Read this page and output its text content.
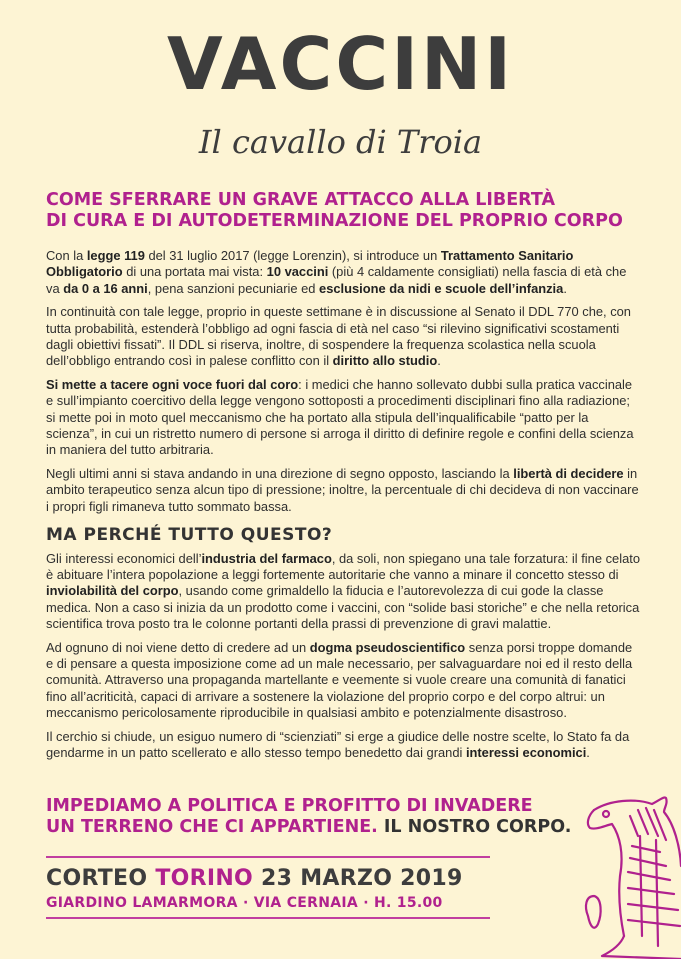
VACCINI
Il cavallo di Troia
COME SFERRARE UN GRAVE ATTACCO ALLA LIBERTÀ
DI CURA E DI AUTODETERMINAZIONE DEL PROPRIO CORPO

Con la legge 119 del 31 luglio 2017 (legge Lorenzin), si introduce un Trattamento Sanitario Obbligatorio di una portata mai vista: 10 vaccini (più 4 caldamente consigliati) nella fascia di età che va da 0 a 16 anni, pena sanzioni pecuniarie ed esclusione da nidi e scuole dell’infanzia.

In continuità con tale legge, proprio in queste settimane è in discussione al Senato il DDL 770 che, con tutta probabilità, estenderà l’obbligo ad ogni fascia di età nel caso “si rilevino significativi scostamenti dagli obiettivi fissati”. Il DDL si riserva, inoltre, di sospendere la frequenza scolastica nella scuola dell’obbligo entrando così in palese conflitto con il diritto allo studio.

Si mette a tacere ogni voce fuori dal coro: i medici che hanno sollevato dubbi sulla pratica vaccinale e sull’impianto coercitivo della legge vengono sottoposti a procedimenti disciplinari fino alla radiazione; si mette poi in moto quel meccanismo che ha portato alla stipula dell’inqualificabile “patto per la scienza”, in cui un ristretto numero di persone si arroga il diritto di definire regole e confini della scienza in maniera del tutto arbitraria.

Negli ultimi anni si stava andando in una direzione di segno opposto, lasciando la libertà di decidere in ambito terapeutico senza alcun tipo di pressione; inoltre, la percentuale di chi decideva di non vaccinare i propri figli rimaneva tutto sommato bassa.

MA PERCHÉ TUTTO QUESTO?

Gli interessi economici dell’industria del farmaco, da soli, non spiegano una tale forzatura: il fine celato è abituare l’intera popolazione a leggi fortemente autoritarie che vanno a minare il concetto stesso di inviolabilità del corpo, usando come grimaldello la fiducia e l’autorevolezza di cui gode la classe medica. Non a caso si inizia da un prodotto come i vaccini, con “solide basi storiche” e che nella retorica scientifica trova posto tra le colonne portanti della prassi di prevenzione di gravi malattie.

Ad ognuno di noi viene detto di credere ad un dogma pseudoscientifico senza porsi troppe domande e di pensare a questa imposizione come ad un male necessario, per salvaguardare noi ed il resto della comunità. Attraverso una propaganda martellante e veemente si vuole creare una comunità di fanatici fino all’acriticità, capaci di arrivare a sostenere la violazione del proprio corpo e del corpo altrui: un meccanismo pericolosamente riproducibile in qualsiasi ambito e potenzialmente disastroso.

Il cerchio si chiude, un esiguo numero di “scienziati” si erge a giudice delle nostre scelte, lo Stato fa da gendarme in un patto scellerato e allo stesso tempo benedetto dai grandi interessi economici.

IMPEDIAMO A POLITICA E PROFITTO DI INVADERE
UN TERRENO CHE CI APPARTIENE. IL NOSTRO CORPO.
CORTEO TORINO 23 MARZO 2019
GIARDINO LAMARMORA · VIA CERNAIA · H. 15.00
